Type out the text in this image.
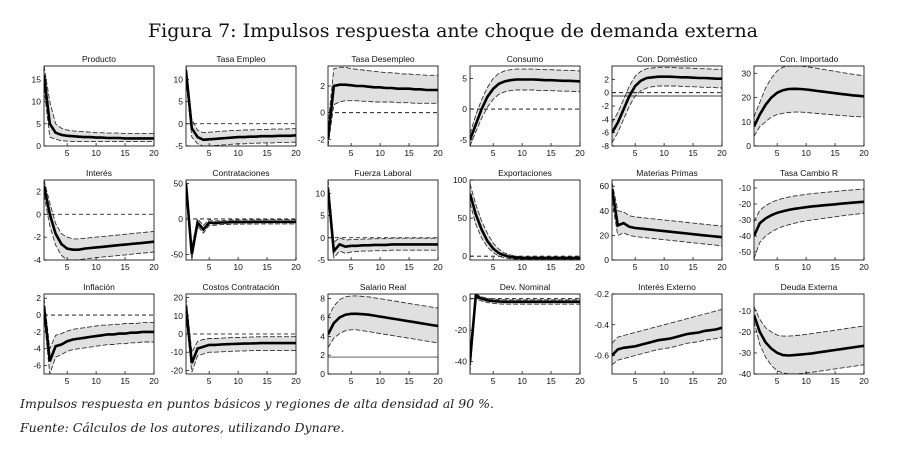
Figura 7: Impulsos respuesta ante choque de demanda externa
Producto
5	10 15 20
0
5
10
15
Tasa Empleo
5	10 15 20
-5
0
5
10
Tasa Desempleo
5	10 15 20
-2
0
2
Consumo
5	10 15 20
-5
0
5
Con. Doméstico
5	10 15 20
-8
-6
-4
-2
0
2
Con. Importado
5	10 15 20
0
10
20
30
Interés
5	10 15 20
-4
-2
0
2
Contrataciones
5	10 15 20
-50
0
50
Fuerza Laboral
5	10 15 20
-5
0
5
10
Exportaciones
5	10 15 20
0
50
100
Materias Primas
5	10 15 20
0
20
40
60
Tasa Cambio R
5	10 15 20
-50
-40
-30
-20
-10
Inflación
5	10 15 20
-6
-4
-2
0
2
Costos Contratación
5	10 15 20
-20
-10
0
10
20
Salario Real
5	10 15 20
0
2
4
6
8
Dev. Nominal
5	10 15 20
-40
-20
0
Interés Externo
5	10 15 20
-0.6
-0.4
-0.2
Deuda Externa
5	10 15 20
-40
-30
-20
-10
Impulsos respuesta en puntos básicos y regiones de alta densidad al 90 %.
Fuente: Cálculos de los autores, utilizando Dynare.
